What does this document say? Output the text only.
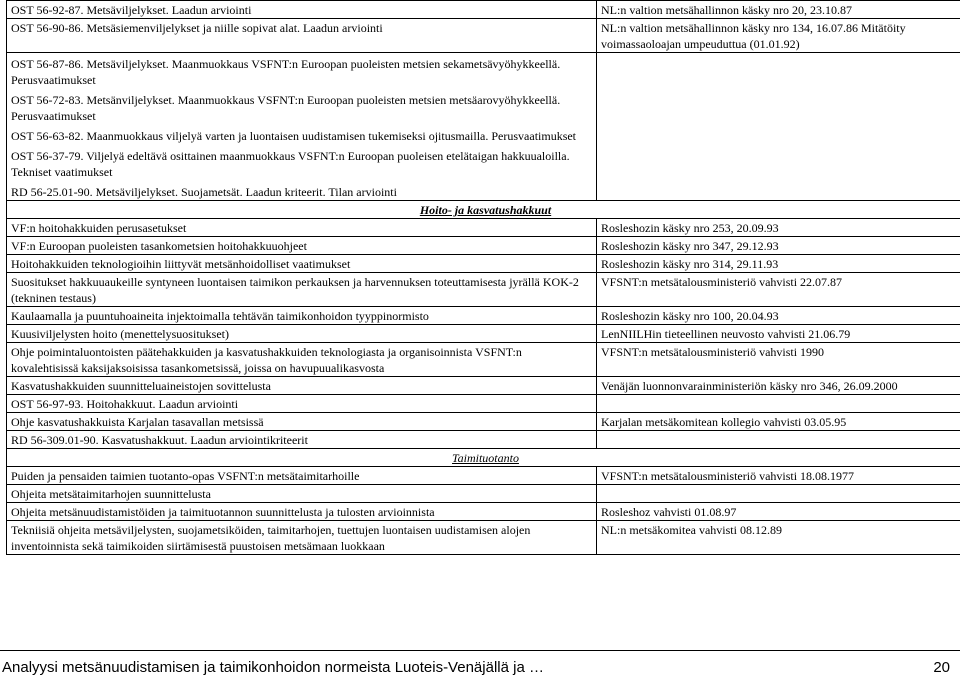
OST 56-92-87. Metsäviljelykset. Laadun arviointi	NL:n valtion metsähallinnon käsky nro 20, 23.10.87
OST 56-90-86. Metsäsiemenviljelykset ja niille sopivat alat. Laadun arviointi	NL:n valtion metsähallinnon käsky nro 134, 16.07.86 Mitätöity voimassaoloajan umpeuduttua (01.01.92)

OST 56-87-86. Metsäviljelykset. Maanmuokkaus VSFNT:n Euroopan puoleisten metsien sekametsävyöhykkeellä. Perusvaatimukset
OST 56-72-83. Metsänviljelykset. Maanmuokkaus VSFNT:n Euroopan puoleisten metsien metsäarovyöhykkeellä. Perusvaatimukset
OST 56-63-82. Maanmuokkaus viljelyä varten ja luontaisen uudistamisen tukemiseksi ojitusmailla. Perusvaatimukset
OST 56-37-79. Viljelyä edeltävä osittainen maanmuokkaus VSFNT:n Euroopan puoleisen etelätaigan hakkuualoilla. Tekniset vaatimukset
RD 56-25.01-90. Metsäviljelykset. Suojametsät. Laadun kriteerit. Tilan arviointi	

Hoito- ja kasvatushakkuut	
VF:n hoitohakkuiden perusasetukset	Rosleshozin käsky nro 253, 20.09.93
VF:n Euroopan puoleisten tasankometsien hoitohakkuuohjeet	Rosleshozin käsky nro 347, 29.12.93
Hoitohakkuiden teknologioihin liittyvät metsänhoidolliset vaatimukset	Rosleshozin käsky nro 314, 29.11.93
Suositukset hakkuuaukeille syntyneen luontaisen taimikon perkauksen ja harvennuksen toteuttamisesta jyrällä KOK-2 (tekninen testaus)	VFSNT:n metsätalousministeriö vahvisti 22.07.87
Kaulaamalla ja puuntuhoaineita injektoimalla tehtävän taimikonhoidon tyyppinormisto	Rosleshozin käsky nro 100, 20.04.93
Kuusiviljelysten hoito (menettelysuositukset)	LenNIILHin tieteellinen neuvosto vahvisti 21.06.79
Ohje poimintaluontoisten päätehakkuiden ja kasvatushakkuiden teknologiasta ja organisoinnista VSFNT:n kovalehtisissä kaksijaksoisissa tasankometsissä, joissa on havupuualikasvosta	VFSNT:n metsätalousministeriö vahvisti 1990
Kasvatushakkuiden suunnitteluaineistojen sovittelusta	Venäjän luonnonvarainministeriön käsky nro 346, 26.09.2000
OST 56-97-93. Hoitohakkuut. Laadun arviointi	
Ohje kasvatushakkuista Karjalan tasavallan metsissä	Karjalan metsäkomitean kollegio vahvisti 03.05.95
RD 56-309.01-90. Kasvatushakkuut. Laadun arviointikriteerit	
Taimituotanto	
Puiden ja pensaiden taimien tuotanto-opas VSFNT:n metsätaimitarhoille	VFSNT:n metsätalousministeriö vahvisti 18.08.1977
Ohjeita metsätaimitarhojen suunnittelusta	
Ohjeita metsänuudistamistöiden ja taimituotannon suunnittelusta ja tulosten arvioinnista	Rosleshoz vahvisti 01.08.97
Tekniisiä ohjeita metsäviljelysten, suojametsiköiden, taimitarhojen, tuettujen luontaisen uudistamisen alojen inventoinnista sekä taimikoiden siirtämisestä puustoisen metsämaan luokkaan	NL:n metsäkomitea vahvisti 08.12.89
Analyysi metsänuudistamisen ja taimikonhoidon normeista Luoteis-Venäjällä ja …	20
